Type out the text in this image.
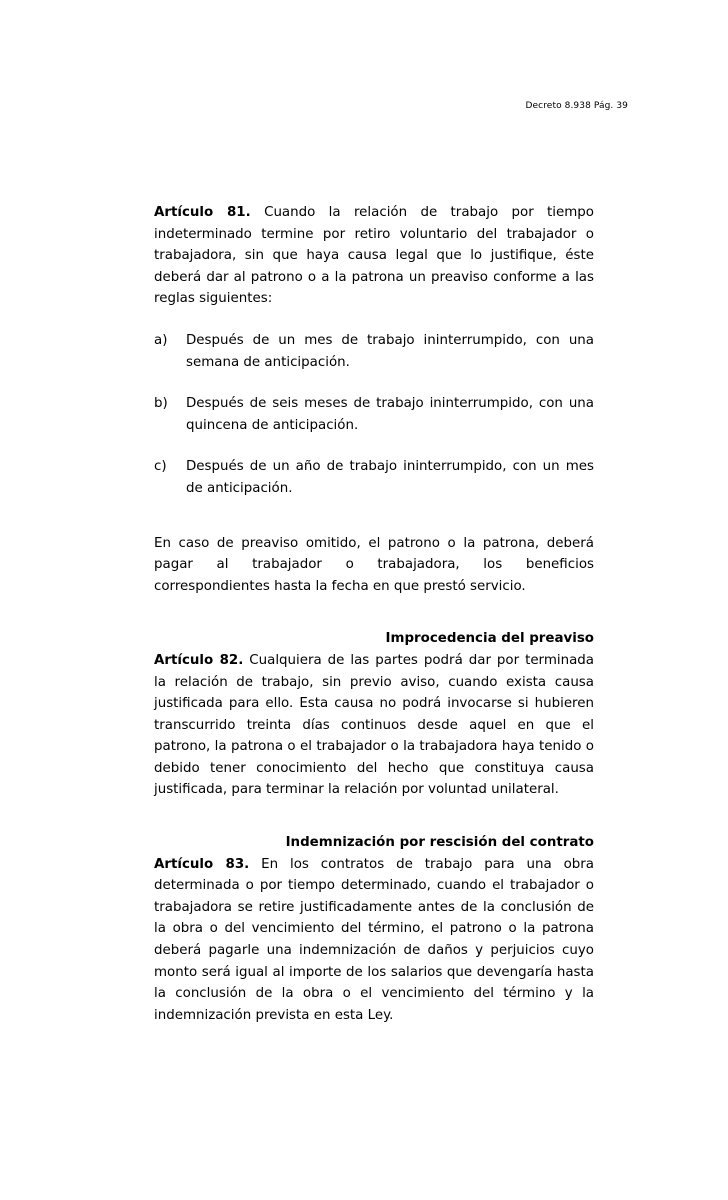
Decreto 8.938 Pág. 39

Artículo 81. Cuando la relación de trabajo por tiempo indeterminado termine por retiro voluntario del trabajador o trabajadora, sin que haya causa legal que lo justifique, éste deberá dar al patrono o a la patrona un preaviso conforme a las reglas siguientes:

a) Después de un mes de trabajo ininterrumpido, con una semana de anticipación.
b) Después de seis meses de trabajo ininterrumpido, con una quincena de anticipación.
c) Después de un año de trabajo ininterrumpido, con un mes de anticipación.

En caso de preaviso omitido, el patrono o la patrona, deberá pagar al trabajador o trabajadora, los beneficios correspondientes hasta la fecha en que prestó servicio.

Improcedencia del preaviso

Artículo 82. Cualquiera de las partes podrá dar por terminada la relación de trabajo, sin previo aviso, cuando exista causa justificada para ello. Esta causa no podrá invocarse si hubieren transcurrido treinta días continuos desde aquel en que el patrono, la patrona o el trabajador o la trabajadora haya tenido o debido tener conocimiento del hecho que constituya causa justificada, para terminar la relación por voluntad unilateral.

Indemnización por rescisión del contrato

Artículo 83. En los contratos de trabajo para una obra determinada o por tiempo determinado, cuando el trabajador o trabajadora se retire justificadamente antes de la conclusión de la obra o del vencimiento del término, el patrono o la patrona deberá pagarle una indemnización de daños y perjuicios cuyo monto será igual al importe de los salarios que devengaría hasta la conclusión de la obra o el vencimiento del término y la indemnización prevista en esta Ley.
